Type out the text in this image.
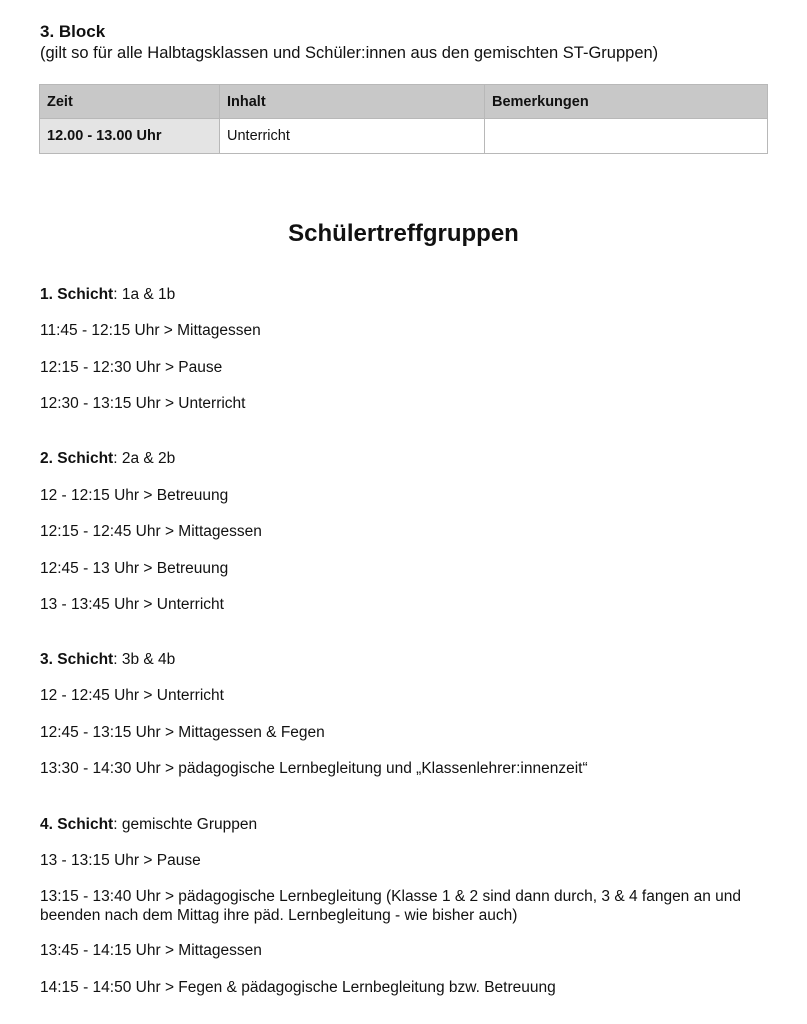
3. Block
(gilt so für alle Halbtagsklassen und Schüler:innen aus den gemischten ST-Gruppen)
Zeit	Inhalt	Bemerkungen
12.00 - 13.00 Uhr	Unterricht	
Schülertreffgruppen
1. Schicht: 1a & 1b
11:45 - 12:15 Uhr > Mittagessen
12:15 - 12:30 Uhr > Pause
12:30 - 13:15 Uhr > Unterricht
2. Schicht: 2a & 2b
12 - 12:15 Uhr > Betreuung
12:15 - 12:45 Uhr > Mittagessen
12:45 - 13 Uhr > Betreuung
13 - 13:45 Uhr > Unterricht
3. Schicht: 3b & 4b
12 - 12:45 Uhr > Unterricht
12:45 - 13:15 Uhr > Mittagessen & Fegen
13:30 - 14:30 Uhr > pädagogische Lernbegleitung und „Klassenlehrer:innenzeit“
4. Schicht: gemischte Gruppen
13 - 13:15 Uhr > Pause
13:15 - 13:40 Uhr > pädagogische Lernbegleitung (Klasse 1 & 2 sind dann durch, 3 & 4 fangen an und beenden nach dem Mittag ihre päd. Lernbegleitung - wie bisher auch)
13:45 - 14:15 Uhr > Mittagessen
14:15 - 14:50 Uhr > Fegen & pädagogische Lernbegleitung bzw. Betreuung
